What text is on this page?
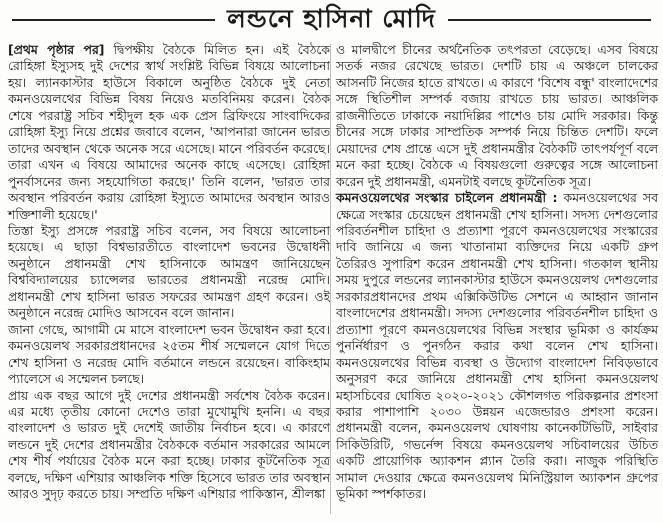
লন্ডনে হাসিনা মোদি

[প্রথম পৃষ্ঠার পর] দ্বিপক্ষীয় বৈঠকে মিলিত হন। এই বৈঠকে রোহিঙ্গা ইস্যুসহ দুই দেশের স্বার্থ সংশ্লিষ্ট বিভিন্ন বিষয়ে আলোচনা হয়। ল্যানকাস্টার হাউসে বিকালে অনুষ্ঠিত বৈঠকে দুই নেতা কমনওয়েলথের বিভিন্ন বিষয় নিয়েও মতবিনিময় করেন। বৈঠক শেষে পররাষ্ট্র সচিব শহীদুল হক এক প্রেস ব্রিফিংয়ে সাংবাদিকের রোহিঙ্গা ইস্যু নিয়ে প্রশ্নের জবাবে বলেন, 'আপনারা জানেন ভারত তাদের অবস্থান থেকে অনেক সরে এসেছে। মানে পরিবর্তন করেছে। তারা এখন এ বিষয়ে আমাদের অনেক কাছে এসেছে। রোহিঙ্গা পুনর্বাসনের জন্য সহযোগিতা করছে।' তিনি বলেন, 'ভারত তার অবস্থান পরিবর্তন করায় রোহিঙ্গা ইস্যুতে আমাদের অবস্থান আরও শক্তিশালী হয়েছে।'

তিস্তা ইস্যু প্রসঙ্গে পররাষ্ট্র সচিব বলেন, সব বিষয়ে আলোচনা হয়েছে। এ ছাড়া বিশ্বভারতীতে বাংলাদেশ ভবনের উদ্বোধনী অনুষ্ঠানে প্রধানমন্ত্রী শেখ হাসিনাকে আমন্ত্রণ জানিয়েছেন বিশ্ববিদ্যালয়ের চ্যান্সেলর ভারতের প্রধানমন্ত্রী নরেন্দ্র মোদি। প্রধানমন্ত্রী শেখ হাসিনা ভারত সফরের আমন্ত্রণ গ্রহণ করেন। ওই অনুষ্ঠানে নরেন্দ্র মোদিও আসবেন বলে জানান।

জানা গেছে, আগামী মে মাসে বাংলাদেশ ভবন উদ্বোধন করা হবে। কমনওয়েলথ সরকারপ্রধানদের ২৫তম শীর্ষ সম্মেলনে যোগ দিতে শেখ হাসিনা ও নরেন্দ্র মোদি বর্তমানে লন্ডনে রয়েছেন। বাকিংহাম প্যালেসে এ সম্মেলন চলছে।

প্রায় এক বছর আগে দুই দেশের প্রধানমন্ত্রী সর্বশেষ বৈঠক করেন। এর মধ্যে তৃতীয় কোনো দেশেও তারা মুখোমুখি হননি। এ বছর বাংলাদেশ ও ভারত দুই দেশেই জাতীয় নির্বাচন হবে। এ কারণে লন্ডনে দুই দেশের প্রধানমন্ত্রীর বৈঠককে বর্তমান সরকারের আমলে শেষ শীর্ষ পর্যায়ের বৈঠক মনে করা হচ্ছে। ঢাকার কূটনৈতিক সূত্র বলছে, দক্ষিণ এশিয়ার আঞ্চলিক শক্তি হিসেবে ভারত তার অবস্থান আরও সুদৃঢ় করতে চায়। সম্প্রতি দক্ষিণ এশিয়ার পাকিস্তান, শ্রীলঙ্কা

ও মালদ্বীপে চীনের অর্থনৈতিক তৎপরতা বেড়েছে। এসব বিষয়ে সতর্ক নজর রেখেছে ভারত। দেশটি চায় এ অঞ্চলে চালকের আসনটি নিজের হাতে রাখতে। এ কারণে 'বিশেষ বন্ধু' বাংলাদেশের সঙ্গে স্থিতিশীল সম্পর্ক বজায় রাখতে চায় ভারত। আঞ্চলিক রাজনীতিতে ঢাকাকে নয়াদিল্লির পাশেও চায় মোদি সরকার। কিন্তু চীনের সঙ্গে ঢাকার সাম্প্রতিক সম্পর্ক নিয়ে চিন্তিত দেশটি। ফলে মেয়াদের শেষ প্রান্তে এসে দুই প্রধানমন্ত্রীর বৈঠকটি তাৎপর্যপূর্ণ বলে মনে করা হচ্ছে। বৈঠকে এ বিষয়গুলো গুরুত্বের সঙ্গে আলোচনা করেন দুই প্রধানমন্ত্রী, এমনটাই বলছে কূটনৈতিক সূত্র।

কমনওয়েলথের সংস্কার চাইলেন প্রধানমন্ত্রী : কমনওয়েলথের সব ক্ষেত্রে সংস্কার চেয়েছেন প্রধানমন্ত্রী শেখ হাসিনা। সদস্য দেশগুলোর পরিবর্তনশীল চাহিদা ও প্রত্যাশা পূরণে কমনওয়েলথের সংস্কারের দাবি জানিয়ে এ জন্য খাতানামা ব্যক্তিদের নিয়ে একটি গ্রুপ তৈরিরও সুপারিশ করেন প্রধানমন্ত্রী শেখ হাসিনা। গতকাল স্থানীয় সময় দুপুরে লন্ডনের ল্যানকাস্টার হাউসে কমনওয়েলথ দেশগুলোর সরকারপ্রধানদের প্রথম এক্সিকিউটিভ সেশনে এ আহ্বান জানান বাংলাদেশের প্রধানমন্ত্রী। সদস্য দেশগুলোর পরিবর্তনশীল চাহিদা ও প্রত্যাশা পূরণে কমনওয়েলথের বিভিন্ন সংস্থার ভূমিকা ও কার্যক্রম পুনর্নির্ধারণ ও পুনর্গঠন করার কথা বলেন শেখ হাসিনা। কমনওয়েলথের বিভিন্ন ব্যবস্থা ও উদ্যোগ বাংলাদেশ নিবিড়ভাবে অনুসরণ করে জানিয়ে প্রধানমন্ত্রী শেখ হাসিনা কমনওয়েলথ মহাসচিবের ঘোষিত ২০২০-২০২১ কৌশলগত পরিকল্পনার প্রশংসা করার পাশাপাশি ২০৩০ উন্নয়ন এজেন্ডারও প্রশংসা করেন। প্রধানমন্ত্রী বলেন, কমনওয়েলথ ঘোষণায় কানেকটিভিটি, সাইবার সিকিউরিটি, গভর্নেন্স বিষয়ে কমনওয়েলথ সচিবালয়ের উচিত একটি প্রায়োগিক অ্যাকশন প্ল্যান তৈরি করা। নাজুক পরিস্থিতি সামাল দেওয়ার ক্ষেত্রে কমনওয়েলথ মিনিস্ট্রিয়াল অ্যাকশন গ্রুপের ভূমিকা স্পর্শকাতর।
